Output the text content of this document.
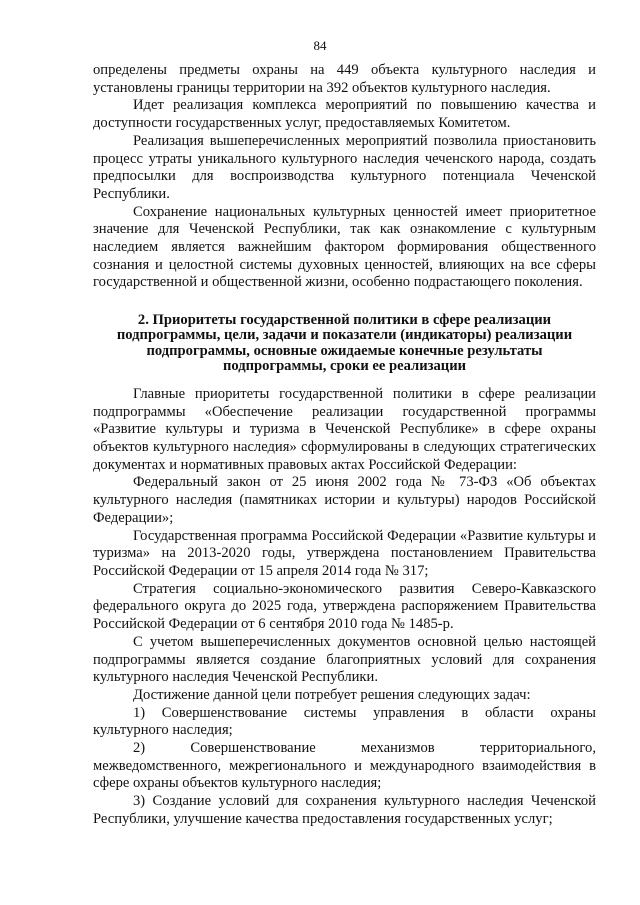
84

определены предметы охраны на 449 объекта культурного наследия и установлены границы территории на 392 объектов культурного наследия.

Идет реализация комплекса мероприятий по повышению качества и доступности государственных услуг, предоставляемых Комитетом.

Реализация вышеперечисленных мероприятий позволила приостановить процесс утраты уникального культурного наследия чеченского народа, создать предпосылки для воспроизводства культурного потенциала Чеченской Республики.

Сохранение национальных культурных ценностей имеет приоритетное значение для Чеченской Республики, так как ознакомление с культурным наследием является важнейшим фактором формирования общественного сознания и целостной системы духовных ценностей, влияющих на все сферы государственной и общественной жизни, особенно подрастающего поколения.

2. Приоритеты государственной политики в сфере реализации
подпрограммы, цели, задачи и показатели (индикаторы) реализации
подпрограммы, основные ожидаемые конечные результаты
подпрограммы, сроки ее реализации

Главные приоритеты государственной политики в сфере реализации подпрограммы «Обеспечение реализации государственной программы «Развитие культуры и туризма в Чеченской Республике» в сфере охраны объектов культурного наследия» сформулированы в следующих стратегических документах и нормативных правовых актах Российской Федерации:

Федеральный закон от 25 июня 2002 года № 73-ФЗ «Об объектах культурного наследия (памятниках истории и культуры) народов Российской Федерации»;

Государственная программа Российской Федерации «Развитие культуры и туризма» на 2013-2020 годы, утверждена постановлением Правительства Российской Федерации от 15 апреля 2014 года № 317;

Стратегия социально-экономического развития Северо-Кавказского федерального округа до 2025 года, утверждена распоряжением Правительства Российской Федерации от 6 сентября 2010 года № 1485-р.

С учетом вышеперечисленных документов основной целью настоящей подпрограммы является создание благоприятных условий для сохранения культурного наследия Чеченской Республики.

Достижение данной цели потребует решения следующих задач:

1) Совершенствование системы управления в области охраны культурного наследия;

2) Совершенствование механизмов территориального, межведомственного, межрегионального и международного взаимодействия в сфере охраны объектов культурного наследия;

3) Создание условий для сохранения культурного наследия Чеченской Республики, улучшение качества предоставления государственных услуг;
